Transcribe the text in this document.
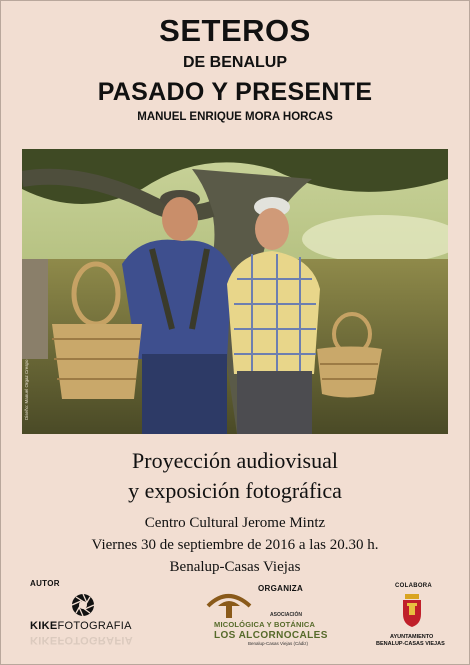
SETEROS
DE BENALUP
PASADO Y PRESENTE
MANUEL ENRIQUE MORA HORCAS
Diseño: Manuel Orgaz Crespo
Proyección audiovisual
y exposición fotográfica
Centro Cultural Jerome Mintz
Viernes 30 de septiembre de 2016 a las 20.30 h.
Benalup-Casas Viejas
AUTOR
KIKEFOTOGRAFIA
KIKEFOTOGRAFIA
ORGANIZA
ASOCIACIÓN
MICOLÓGICA Y BOTÁNICA
LOS ALCORNOCALES
Benalup-Casas Viejas (Cádiz)
COLABORA
AYUNTAMIENTO
BENALUP-CASAS VIEJAS
